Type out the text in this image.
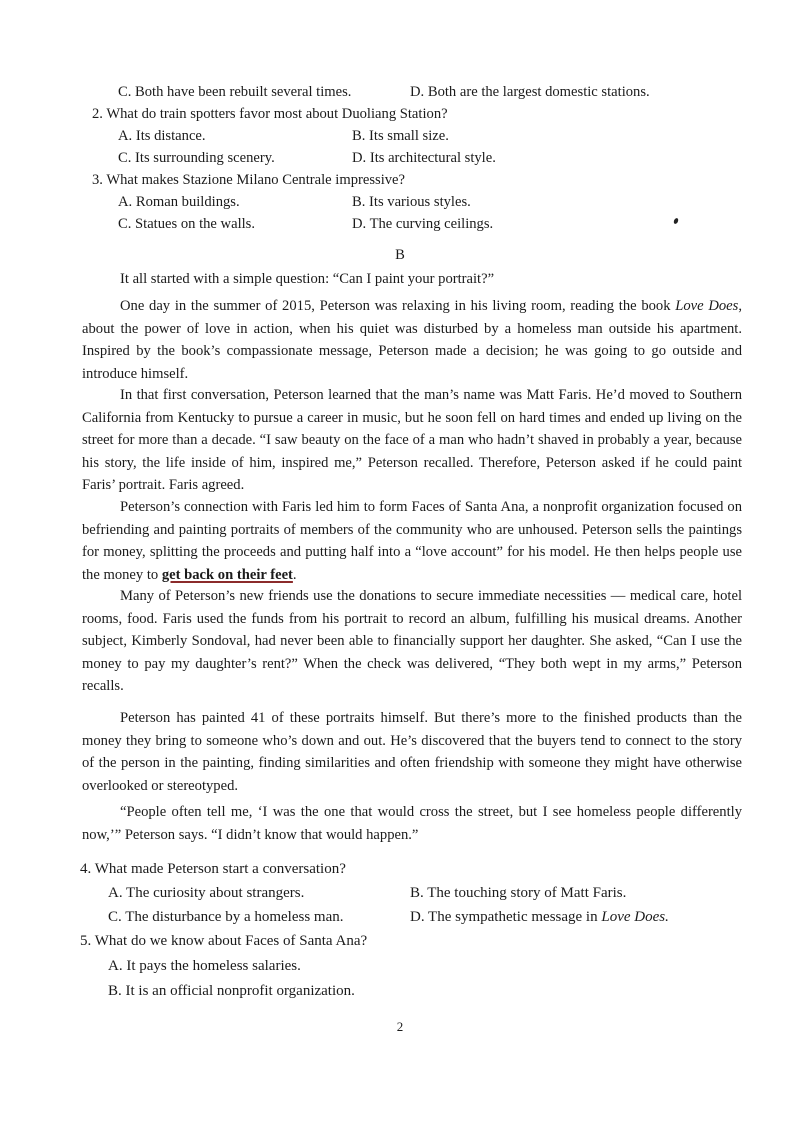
C. Both have been rebuilt several times.	D. Both are the largest domestic stations.
2. What do train spotters favor most about Duoliang Station?
A. Its distance.	B. Its small size.
C. Its surrounding scenery.	D. Its architectural style.
3. What makes Stazione Milano Centrale impressive?
A. Roman buildings.	B. Its various styles.
C. Statues on the walls.	D. The curving ceilings.
B
It all started with a simple question: “Can I paint your portrait?”
One day in the summer of 2015, Peterson was relaxing in his living room, reading the book Love Does, about the power of love in action, when his quiet was disturbed by a homeless man outside his apartment. Inspired by the book’s compassionate message, Peterson made a decision; he was going to go outside and introduce himself.
In that first conversation, Peterson learned that the man’s name was Matt Faris. He’d moved to Southern California from Kentucky to pursue a career in music, but he soon fell on hard times and ended up living on the street for more than a decade. “I saw beauty on the face of a man who hadn’t shaved in probably a year, because his story, the life inside of him, inspired me,” Peterson recalled. Therefore, Peterson asked if he could paint Faris’ portrait. Faris agreed.
Peterson’s connection with Faris led him to form Faces of Santa Ana, a nonprofit organization focused on befriending and painting portraits of members of the community who are unhoused. Peterson sells the paintings for money, splitting the proceeds and putting half into a “love account” for his model. He then helps people use the money to get back on their feet.
Many of Peterson’s new friends use the donations to secure immediate necessities — medical care, hotel rooms, food. Faris used the funds from his portrait to record an album, fulfilling his musical dreams. Another subject, Kimberly Sondoval, had never been able to financially support her daughter. She asked, “Can I use the money to pay my daughter’s rent?” When the check was delivered, “They both wept in my arms,” Peterson recalls.
Peterson has painted 41 of these portraits himself. But there’s more to the finished products than the money they bring to someone who’s down and out. He’s discovered that the buyers tend to connect to the story of the person in the painting, finding similarities and often friendship with someone they might have otherwise overlooked or stereotyped.
“People often tell me, ‘I was the one that would cross the street, but I see homeless people differently now,’” Peterson says. “I didn’t know that would happen.”
4. What made Peterson start a conversation?
A. The curiosity about strangers.	B. The touching story of Matt Faris.
C. The disturbance by a homeless man.	D. The sympathetic message in Love Does.
5. What do we know about Faces of Santa Ana?
A. It pays the homeless salaries.
B. It is an official nonprofit organization.
2
